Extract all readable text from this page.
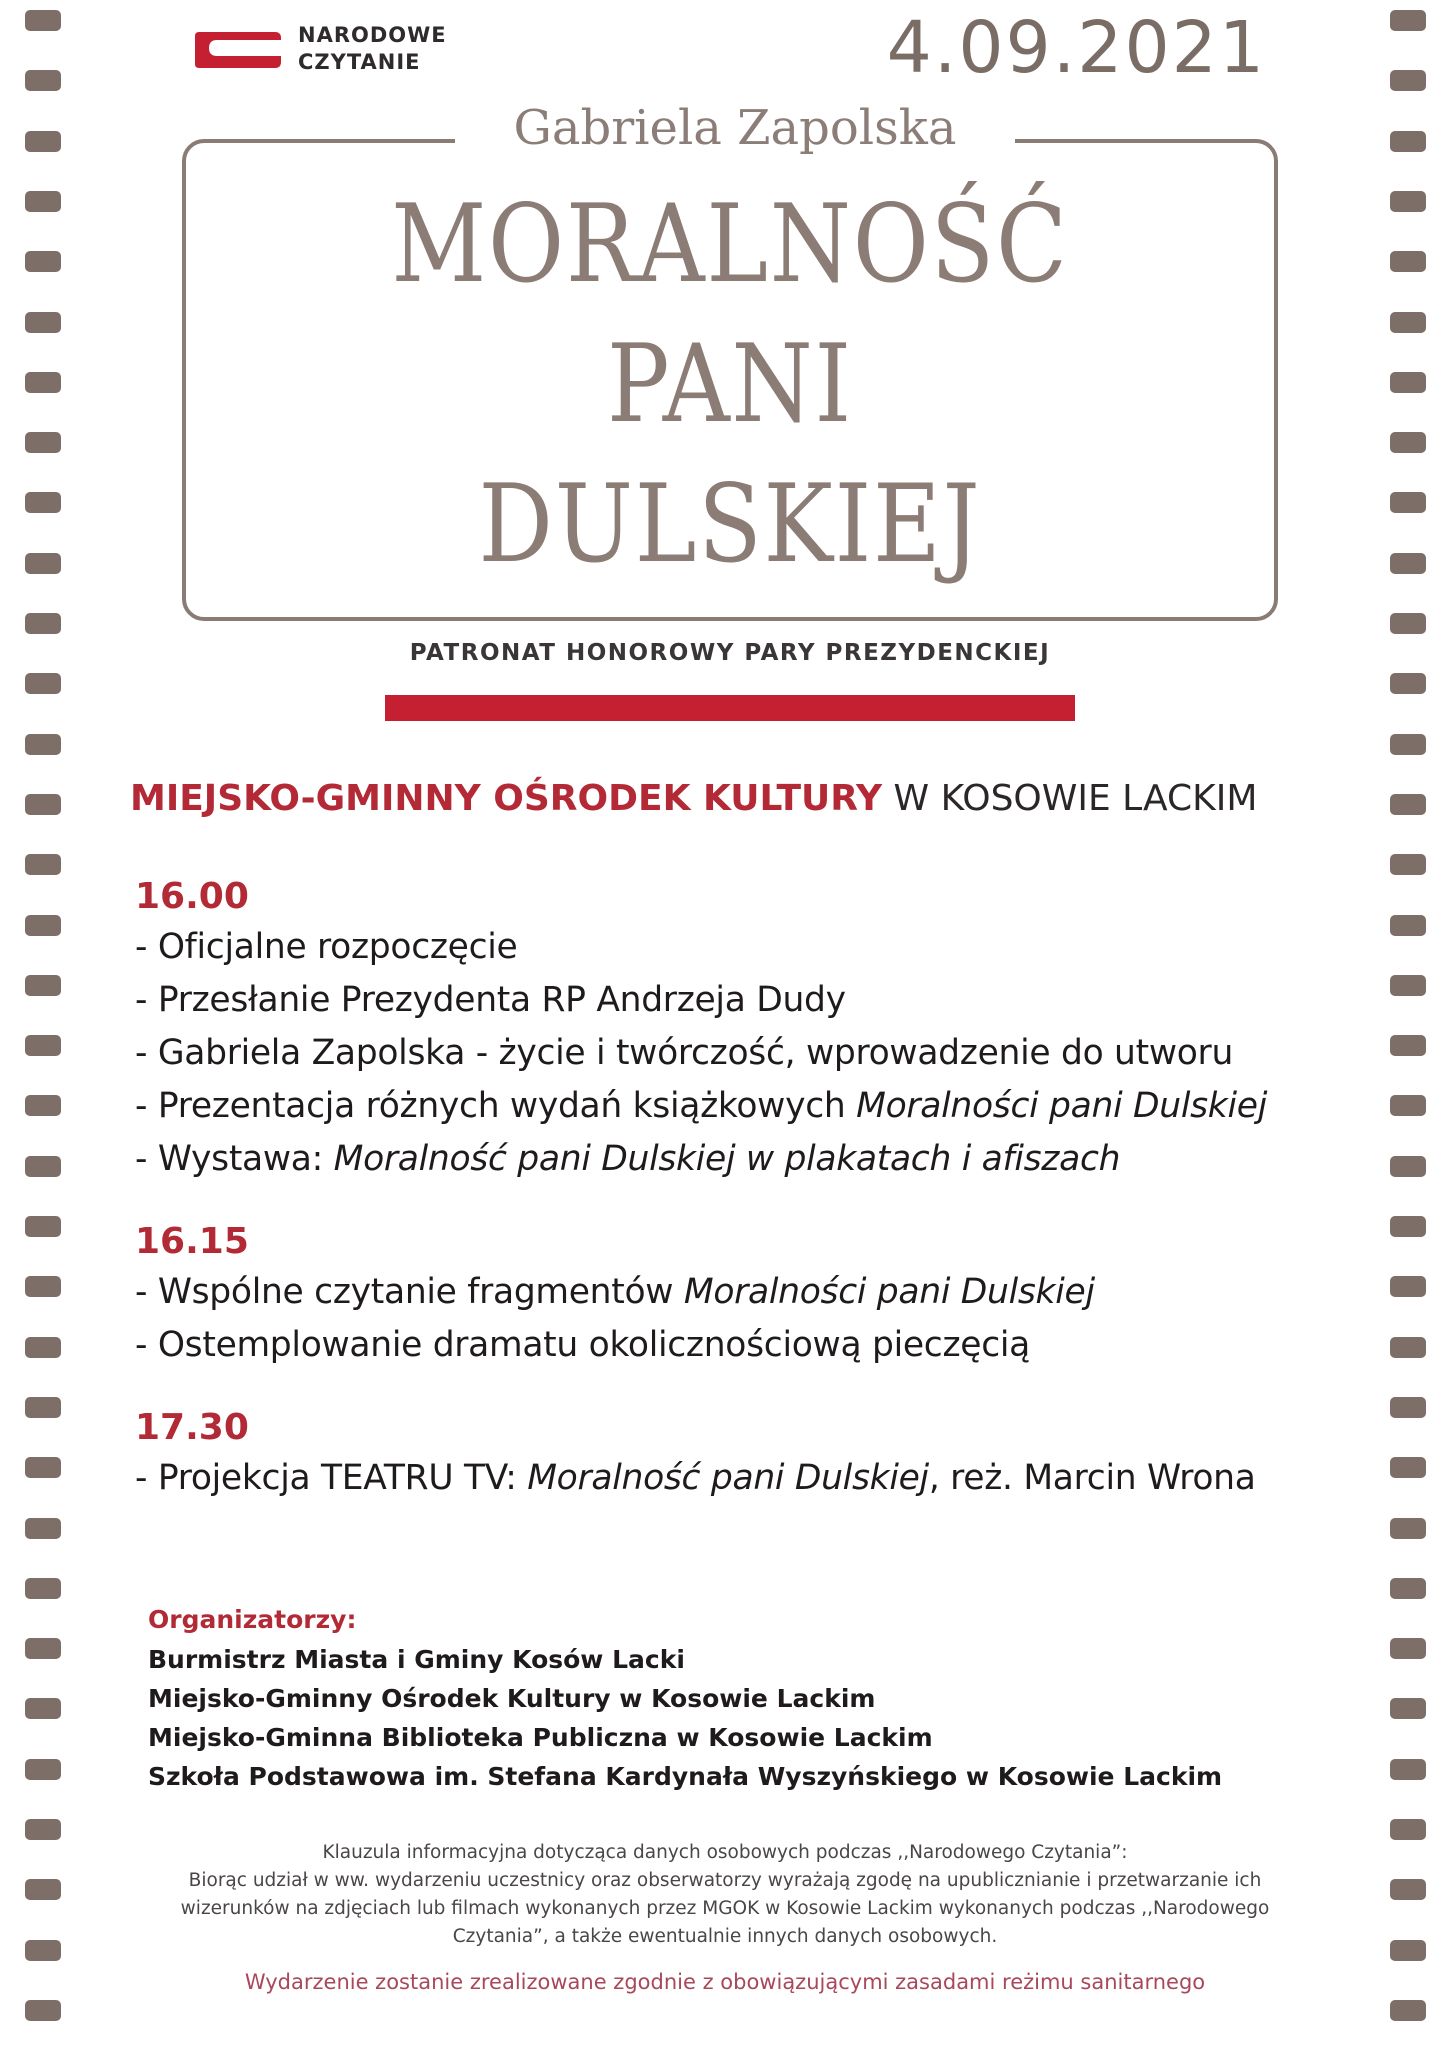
NARODOWE
CZYTANIE	4.09.2021
Gabriela Zapolska
MORALNOŚĆ
PANI
DULSKIEJ
PATRONAT HONOROWY PARY PREZYDENCKIEJ
MIEJSKO-GMINNY OŚRODEK KULTURY W KOSOWIE LACKIM
16.00
- Oficjalne rozpoczęcie
- Przesłanie Prezydenta RP Andrzeja Dudy
- Gabriela Zapolska - życie i twórczość, wprowadzenie do utworu
- Prezentacja różnych wydań książkowych Moralności pani Dulskiej
- Wystawa: Moralność pani Dulskiej w plakatach i afiszach
16.15
- Wspólne czytanie fragmentów Moralności pani Dulskiej
- Ostemplowanie dramatu okolicznościową pieczęcią
17.30
- Projekcja TEATRU TV: Moralność pani Dulskiej, reż. Marcin Wrona
Organizatorzy:
Burmistrz Miasta i Gminy Kosów Lacki
Miejsko-Gminny Ośrodek Kultury w Kosowie Lackim
Miejsko-Gminna Biblioteka Publiczna w Kosowie Lackim
Szkoła Podstawowa im. Stefana Kardynała Wyszyńskiego w Kosowie Lackim
Klauzula informacyjna dotycząca danych osobowych podczas ,,Narodowego Czytania”:
Biorąc udział w ww. wydarzeniu uczestnicy oraz obserwatorzy wyrażają zgodę na upublicznianie i przetwarzanie ich
wizerunków na zdjęciach lub filmach wykonanych przez MGOK w Kosowie Lackim wykonanych podczas ,,Narodowego
Czytania”, a także ewentualnie innych danych osobowych.
Wydarzenie zostanie zrealizowane zgodnie z obowiązującymi zasadami reżimu sanitarnego
